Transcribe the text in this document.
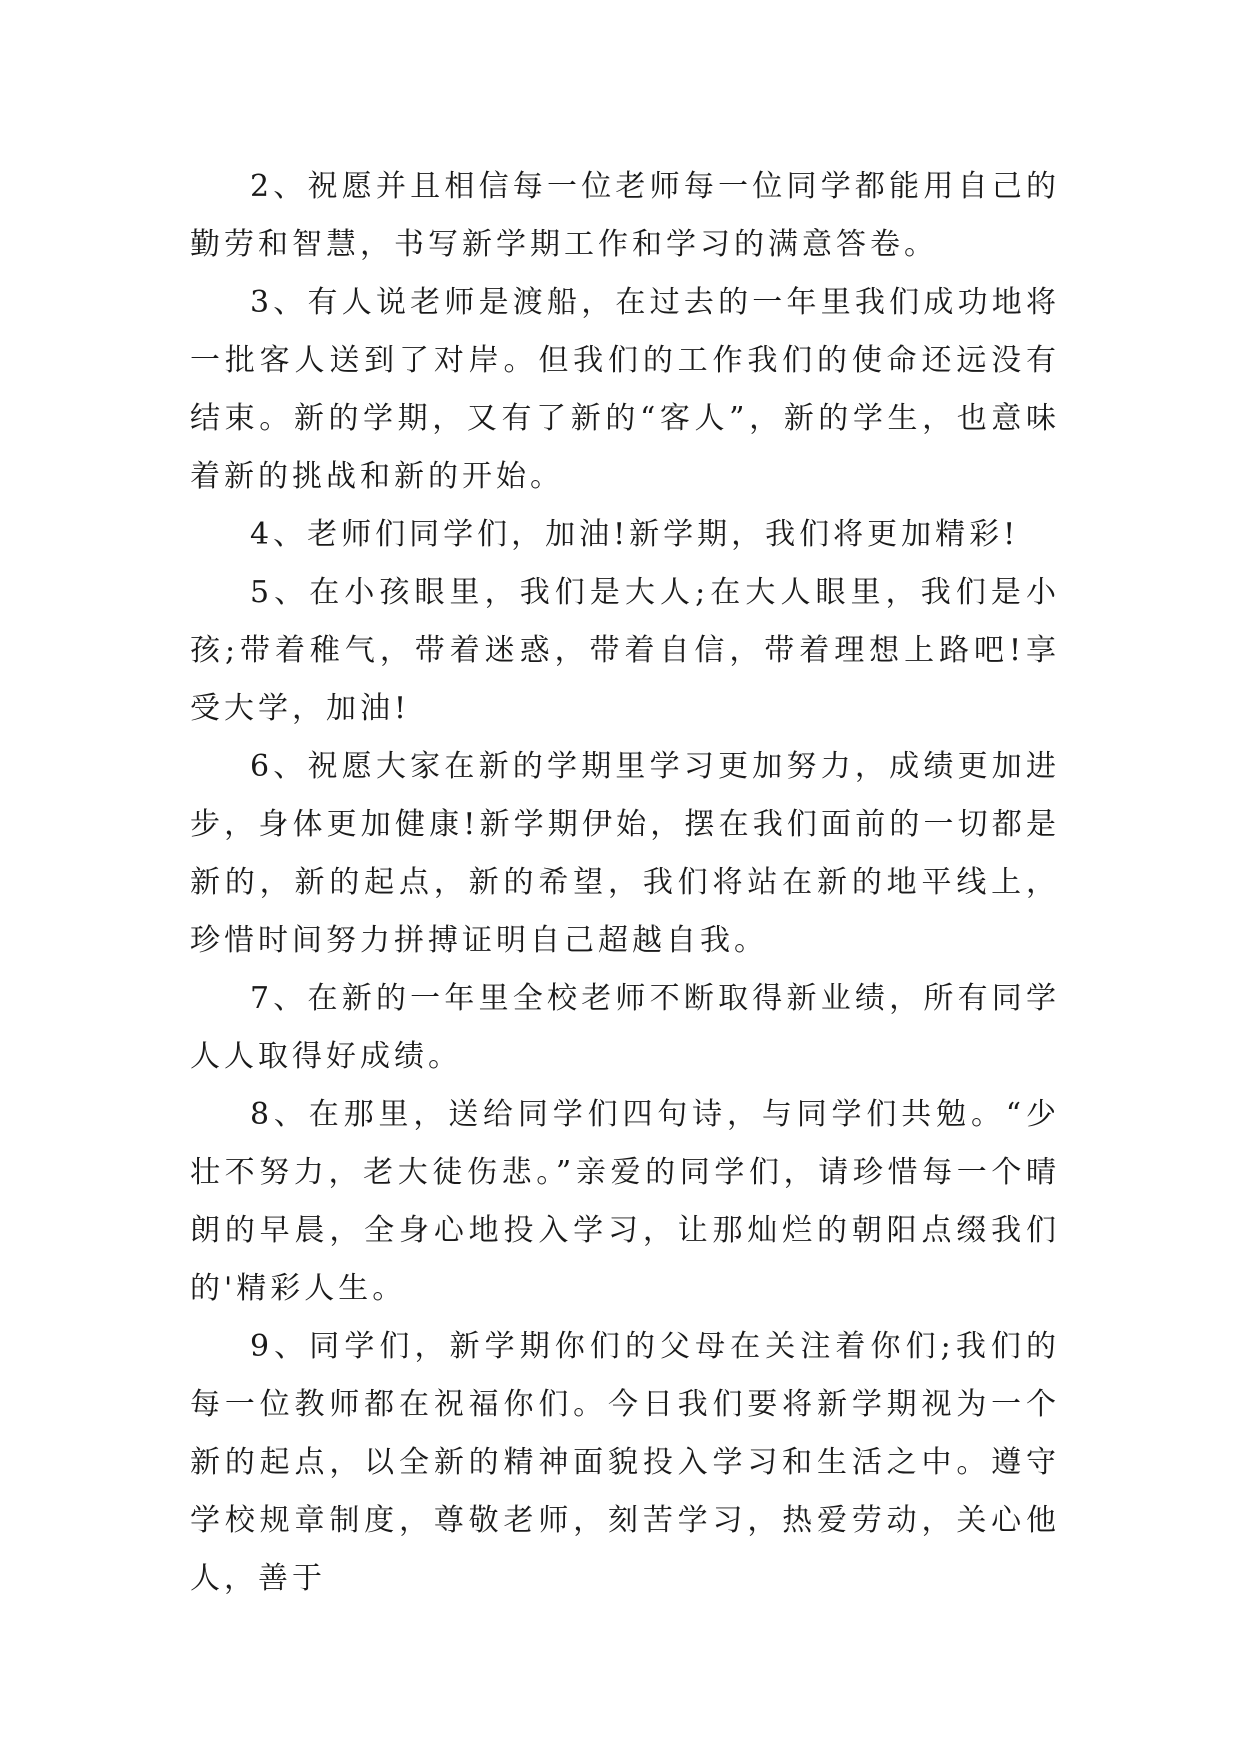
2、祝愿并且相信每一位老师每一位同学都能用自己的勤劳和智慧，书写新学期工作和学习的满意答卷。

3、有人说老师是渡船，在过去的一年里我们成功地将一批客人送到了对岸。但我们的工作我们的使命还远没有结束。新的学期，又有了新的“客人”，新的学生，也意味着新的挑战和新的开始。

4、老师们同学们，加油!新学期，我们将更加精彩!

5、在小孩眼里，我们是大人;在大人眼里，我们是小孩;带着稚气，带着迷惑，带着自信，带着理想上路吧!享受大学，加油!

6、祝愿大家在新的学期里学习更加努力，成绩更加进步，身体更加健康!新学期伊始，摆在我们面前的一切都是新的，新的起点，新的希望，我们将站在新的地平线上，珍惜时间努力拼搏证明自己超越自我。

7、在新的一年里全校老师不断取得新业绩，所有同学人人取得好成绩。

8、在那里，送给同学们四句诗，与同学们共勉。“少壮不努力，老大徒伤悲。”亲爱的同学们，请珍惜每一个晴朗的早晨，全身心地投入学习，让那灿烂的朝阳点缀我们的'精彩人生。

9、同学们，新学期你们的父母在关注着你们;我们的每一位教师都在祝福你们。今日我们要将新学期视为一个新的起点，以全新的精神面貌投入学习和生活之中。遵守学校规章制度，尊敬老师，刻苦学习，热爱劳动，关心他人，善于
